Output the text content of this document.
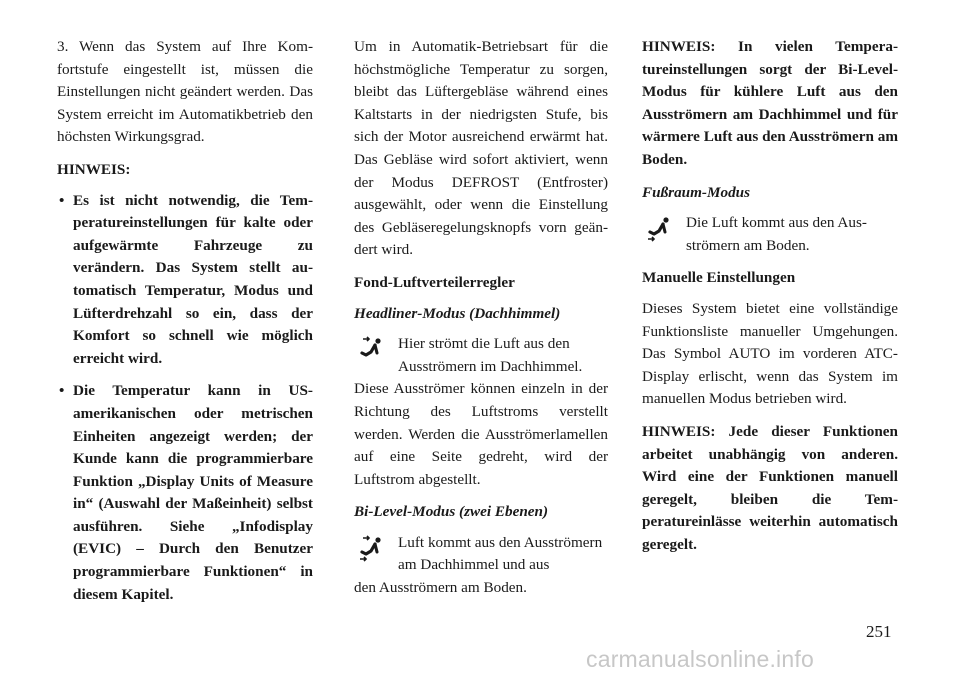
3. Wenn das System auf Ihre Komfortstufe eingestellt ist, müssen die Einstellungen nicht geändert werden. Das System erreicht im Automatikbetrieb den höchsten Wirkungsgrad.

HINWEIS:

• Es ist nicht notwendig, die Temperatureinstellungen für kalte oder aufgewärmte Fahrzeuge zu verändern. Das System stellt automatisch Temperatur, Modus und Lüfterdrehzahl so ein, dass der Komfort so schnell wie möglich erreicht wird.
• Die Temperatur kann in US-amerikanischen oder metrischen Einheiten angezeigt werden; der Kunde kann die programmierbare Funktion „Display Units of Measure in“ (Auswahl der Maßeinheit) selbst ausführen. Siehe „Infodisplay (EVIC) – Durch den Benutzer programmierbare Funktionen“ in diesem Kapitel.

Um in Automatik-Betriebsart für die höchstmögliche Temperatur zu sorgen, bleibt das Lüftergebläse während eines Kaltstarts in der niedrigsten Stufe, bis sich der Motor ausreichend erwärmt hat. Das Gebläse wird sofort aktiviert, wenn der Modus DEFROST (Entfroster) ausgewählt, oder wenn die Einstellung des Gebläseregelungsknopfs vorn geändert wird.

Fond-Luftverteilerregler

Headliner-Modus (Dachhimmel)

Hier strömt die Luft aus den Ausströmern im Dachhimmel.

Diese Ausströmer können einzeln in der Richtung des Luftstroms verstellt werden. Werden die Ausströmerlamellen auf eine Seite gedreht, wird der Luftstrom abgestellt.

Bi-Level-Modus (zwei Ebenen)

Luft kommt aus den Ausströmern am Dachhimmel und aus

den Ausströmern am Boden.

HINWEIS: In vielen Temperatureinstellungen sorgt der Bi-Level-Modus für kühlere Luft aus den Ausströmern am Dachhimmel und für wärmere Luft aus den Ausströmern am Boden.

Fußraum-Modus

Die Luft kommt aus den Ausströmern am Boden.

Manuelle Einstellungen

Dieses System bietet eine vollständige Funktionsliste manueller Umgehungen. Das Symbol AUTO im vorderen ATC-Display erlischt, wenn das System im manuellen Modus betrieben wird.

HINWEIS: Jede dieser Funktionen arbeitet unabhängig von anderen. Wird eine der Funktionen manuell geregelt, bleiben die Temperatureinlässe weiterhin automatisch geregelt.

251
carmanualsonline.info
